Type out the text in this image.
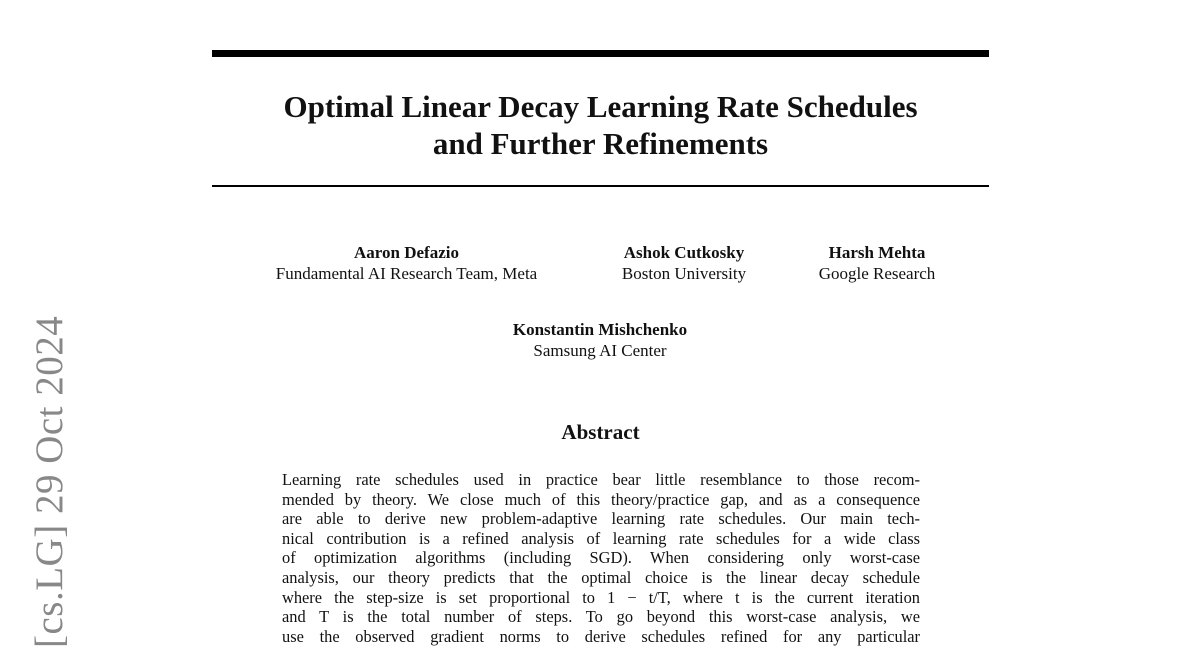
[cs.LG] 29 Oct 2024
Optimal Linear Decay Learning Rate Schedules
and Further Refinements
Aaron Defazio
Fundamental AI Research Team, Meta
Ashok Cutkosky
Boston University
Harsh Mehta
Google Research
Konstantin Mishchenko
Samsung AI Center
Abstract
Learning rate schedules used in practice bear little resemblance to those recom-
mended by theory. We close much of this theory/practice gap, and as a consequence
are able to derive new problem-adaptive learning rate schedules. Our main tech-
nical contribution is a refined analysis of learning rate schedules for a wide class
of optimization algorithms (including SGD). When considering only worst-case
analysis, our theory predicts that the optimal choice is the linear decay schedule
where the step-size is set proportional to 1 − t/T, where t is the current iteration
and T is the total number of steps. To go beyond this worst-case analysis, we
use the observed gradient norms to derive schedules refined for any particular
